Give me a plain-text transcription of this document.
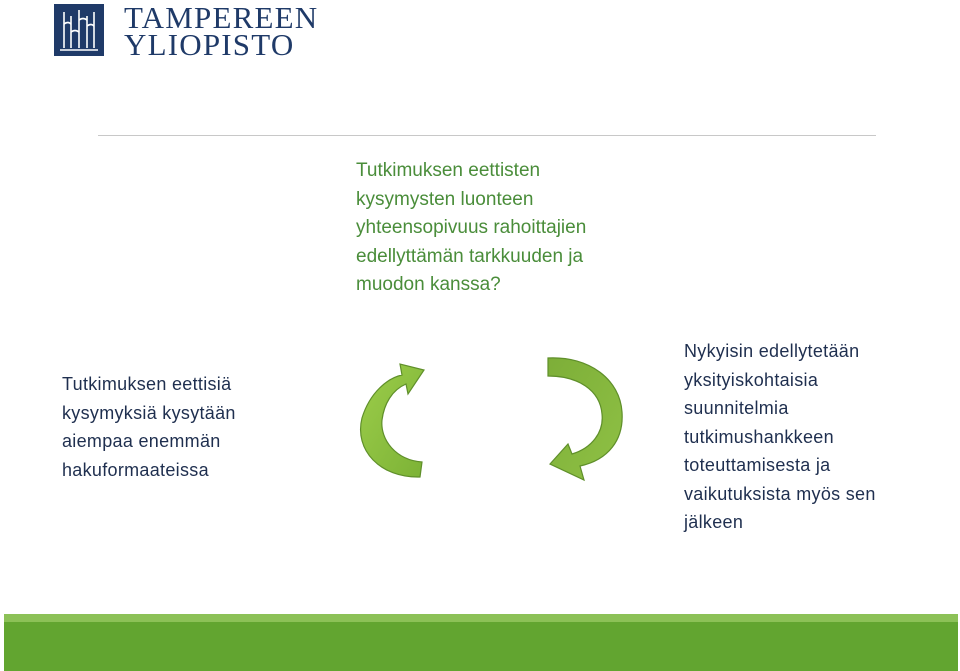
TAMPEREEN
YLIOPISTO
Tutkimuksen eettisten
kysymysten luonteen
yhteensopivuus rahoittajien
edellyttämän tarkkuuden ja
muodon kanssa?
Tutkimuksen eettisiä
kysymyksiä kysytään
aiempaa enemmän
hakuformaateissa
Nykyisin edellytetään
yksityiskohtaisia
suunnitelmia
tutkimushankkeen
toteuttamisesta ja
vaikutuksista myös sen
jälkeen
